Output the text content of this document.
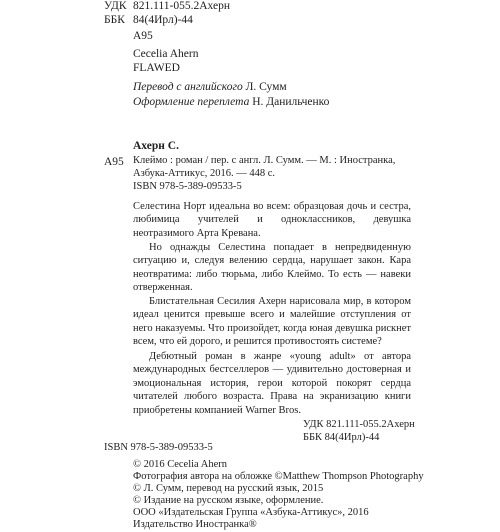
УДК 821.111-055.2Ахерн
ББК 84(4Ирл)-44
А95
Cecelia Ahern
FLAWED
Перевод с английского Л. Сумм
Оформление переплета Н. Данильченко
Ахерн С.
А95 Клеймо : роман / пер. с англ. Л. Сумм. — М. : Иностранка,
Азбука-Аттикус, 2016. — 448 с.
ISBN 978-5-389-09533-5
Селестина Норт идеальна во всем: образцовая дочь и сестра, любимица учителей и одноклассников, девушка неотразимого Арта Кревана.
Но однажды Селестина попадает в непредвиденную ситуацию и, следуя велению сердца, нарушает закон. Кара неотвратима: либо тюрьма, либо Клеймо. То есть — навеки отверженная.
Блистательная Сесилия Ахерн нарисовала мир, в котором идеал ценится превыше всего и малейшие отступления от него наказуемы. Что произойдет, когда юная девушка рискнет всем, что ей дорого, и решится противостоять системе?
Дебютный роман в жанре «young adult» от автора международных бестселлеров — удивительно достоверная и эмоциональная история, герои которой покорят сердца читателей любого возраста. Права на экранизацию книги приобретены компанией Warner Bros.
УДК 821.111-055.2Ахерн
ББК 84(4Ирл)-44
ISBN 978-5-389-09533-5
© 2016 Cecelia Ahern
Фотография автора на обложке ©Matthew Thompson Photography
© Л. Сумм, перевод на русский язык, 2015
© Издание на русском языке, оформление.
ООО «Издательская Группа «Азбука-Аттикус», 2016
Издательство Иностранка®
